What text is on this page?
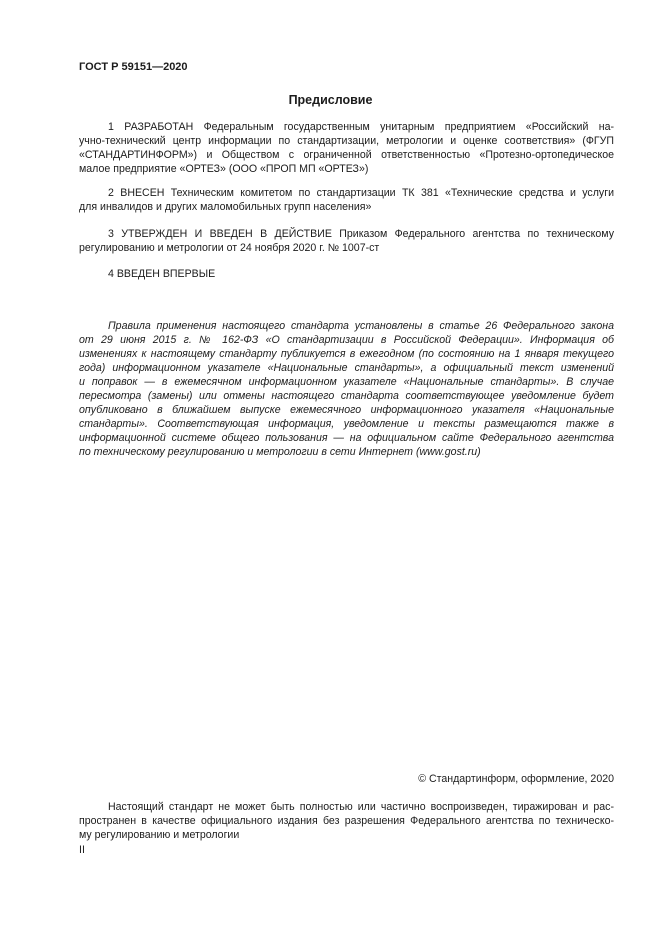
ГОСТ Р 59151—2020
Предисловие
1 РАЗРАБОТАН Федеральным государственным унитарным предприятием «Российский на-
учно-технический центр информации по стандартизации, метрологии и оценке соответствия» (ФГУП
«СТАНДАРТИНФОРМ») и Обществом с ограниченной ответственностью «Протезно-ортопедическое
малое предприятие «ОРТЕЗ» (ООО «ПРОП МП «ОРТЕЗ»)
2 ВНЕСЕН Техническим комитетом по стандартизации ТК 381 «Технические средства и услуги
для инвалидов и других маломобильных групп населения»
3 УТВЕРЖДЕН И ВВЕДЕН В ДЕЙСТВИЕ Приказом Федерального агентства по техническому
регулированию и метрологии от 24 ноября 2020 г. № 1007-ст
4 ВВЕДЕН ВПЕРВЫЕ
Правила применения настоящего стандарта установлены в статье 26 Федерального закона
от 29 июня 2015 г. № 162-ФЗ «О стандартизации в Российской Федерации». Информация об
изменениях к настоящему стандарту публикуется в ежегодном (по состоянию на 1 января текущего
года) информационном указателе «Национальные стандарты», а официальный текст изменений
и поправок — в ежемесячном информационном указателе «Национальные стандарты». В случае
пересмотра (замены) или отмены настоящего стандарта соответствующее уведомление будет
опубликовано в ближайшем выпуске ежемесячного информационного указателя «Национальные
стандарты». Соответствующая информация, уведомление и тексты размещаются также в
информационной системе общего пользования — на официальном сайте Федерального агентства
по техническому регулированию и метрологии в сети Интернет (www.gost.ru)
© Стандартинформ, оформление, 2020
Настоящий стандарт не может быть полностью или частично воспроизведен, тиражирован и рас-
пространен в качестве официального издания без разрешения Федерального агентства по техническо-
му регулированию и метрологии
II
